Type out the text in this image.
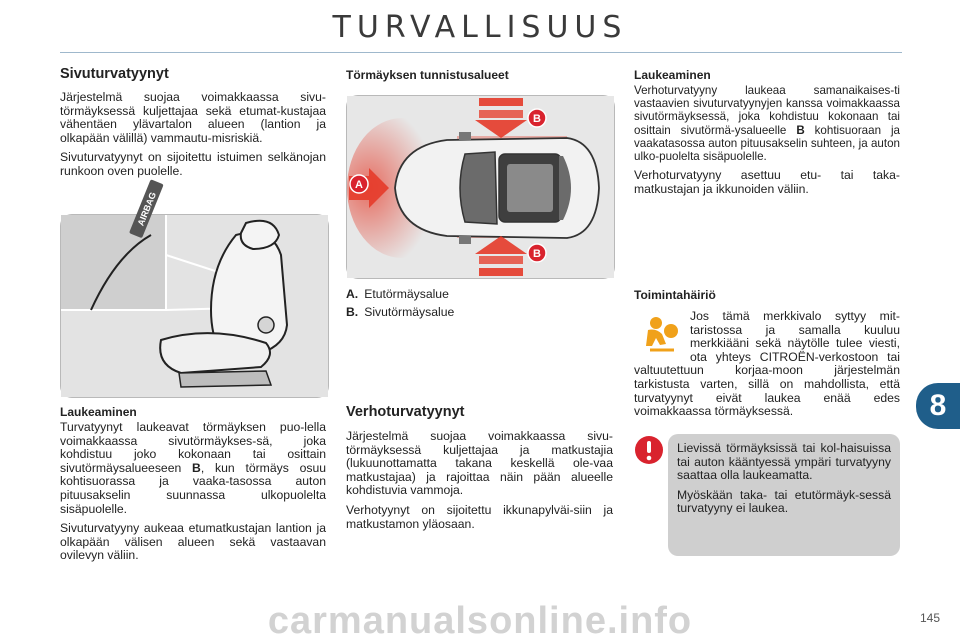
TURVALLISUUS
Sivuturvatyynyt
Järjestelmä suojaa voimakkaassa sivu-törmäyksessä kuljettajaa sekä etumat-kustajaa vähentäen ylävartalon alueen (lantion ja olkapään välillä) vammautu-misriskiä.
Sivuturvatyynyt on sijoitettu istuimen selkänojan runkoon oven puolelle.
AIRBAG
Laukeaminen
Turvatyynyt laukeavat törmäyksen puo-lella voimakkaassa sivutörmäykses-sä, joka kohdistuu joko kokonaan tai osittain sivutörmäysalueeseen B, kun törmäys osuu kohtisuorassa ja vaaka-tasossa auton pituusakselin suunnassa ulkopuolelta sisäpuolelle.
Sivuturvatyyny aukeaa etumatkustajan lantion ja olkapään välisen alueen sekä vastaavan ovilevyn väliin.
Törmäyksen tunnistusalueet
A
B
B
A. Etutörmäysalue
B. Sivutörmäysalue
Verhoturvatyynyt
Järjestelmä suojaa voimakkaassa sivu-törmäyksessä kuljettajaa ja matkustajia (lukuunottamatta takana keskellä ole-vaa matkustajaa) ja rajoittaa näin pään alueelle kohdistuvia vammoja.
Verhotyynyt on sijoitettu ikkunapylväi-siin ja matkustamon yläosaan.
Laukeaminen
Verhoturvatyyny laukeaa samanaikaises-ti vastaavien sivuturvatyynyjen kanssa voimakkaassa sivutörmäyksessä, joka kohdistuu kokonaan tai osittain sivutörmä-ysalueelle B kohtisuoraan ja vaakatasossa auton pituusakselin suhteen, ja auton ulko-puolelta sisäpuolelle.
Verhoturvatyyny asettuu etu- tai taka-matkustajan ja ikkunoiden väliin.
Toimintahäiriö
Jos tämä merkkivalo syttyy mit-taristossa ja samalla kuuluu merkkiääni sekä näytölle tulee viesti, ota yhteys CITROËN-verkostoon tai valtuutettuun korjaa-moon järjestelmän tarkistusta varten, sillä on mahdollista, että turvatyynyt eivät laukea enää edes voimakkaassa törmäyksessä.
Lievissä törmäyksissä tai kol-haisuissa tai auton kääntyessä ympäri turvatyyny saattaa olla laukeamatta.
Myöskään taka- tai etutörmäyk-sessä turvatyyny ei laukea.
8
carmanualsonline.info	145
